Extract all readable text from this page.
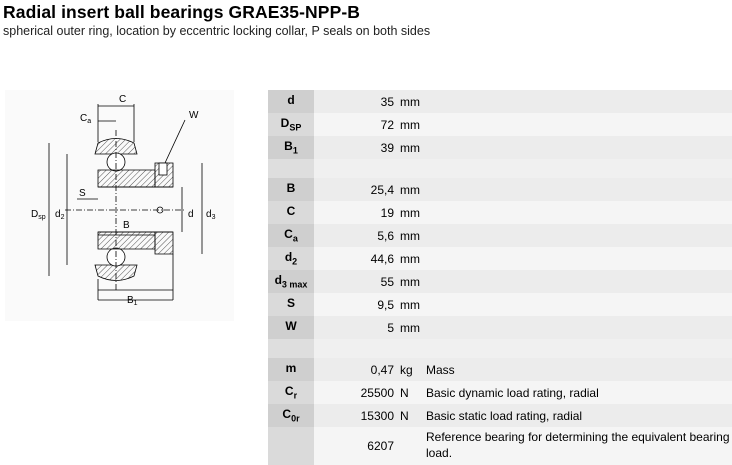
Radial insert ball bearings GRAE35-NPP-B
spherical outer ring, location by eccentric locking collar, P seals on both sides
C
$C_a$
W
S
B
$B_1$
$D_{sp}$ $d_2$	d $d_3$
d	35	mm	
$D_{SP}$	72	mm	
$B_1$	39	mm	

B	25,4	mm	
C	19	mm	
$C_a$	5,6	mm	
$d_2$	44,6	mm	
$d_{3 max}$	55	mm	
S	9,5	mm	
W	5	mm	

m	0,47	kg	Mass
$C_r$	25500	N	Basic dynamic load rating, radial
$C_{0r}$	15300	N	Basic static load rating, radial
	6207		Reference bearing for determining the equivalent bearing load.
